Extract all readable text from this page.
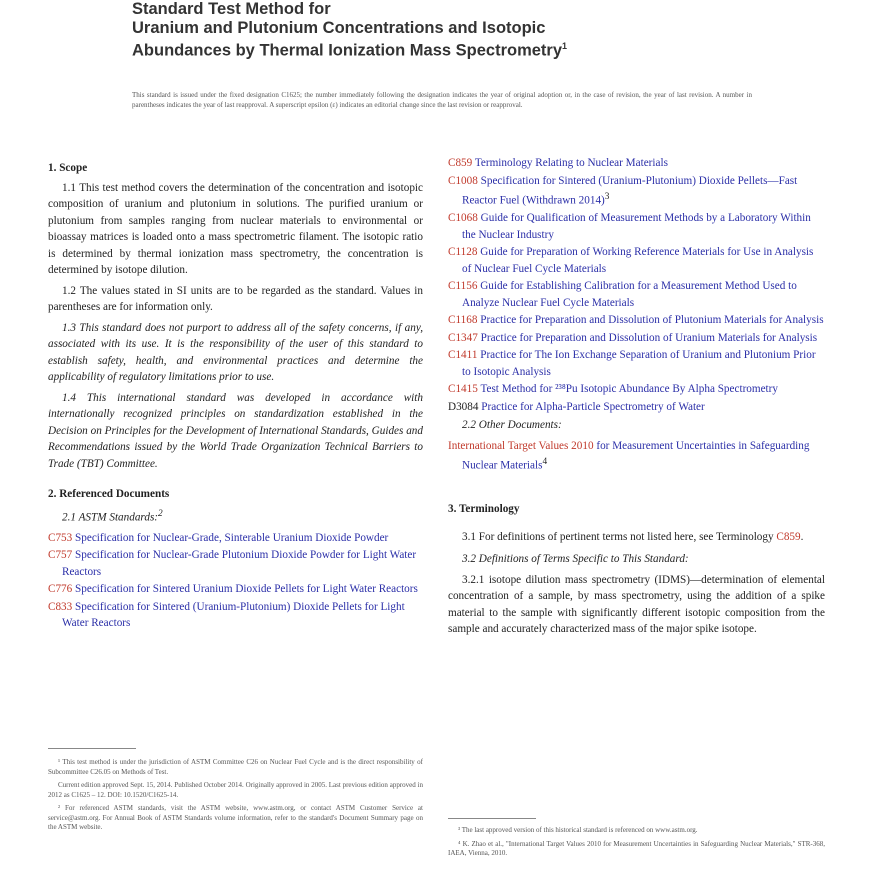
Standard Test Method for
Uranium and Plutonium Concentrations and Isotopic
Abundances by Thermal Ionization Mass Spectrometry$^1$
This standard is issued under the fixed designation C1625; the number immediately following the designation indicates the year of original adoption or, in the case of revision, the year of last revision. A number in parentheses indicates the year of last reapproval. A superscript epsilon (ε) indicates an editorial change since the last revision or reapproval.
1. Scope
1.1 This test method covers the determination of the concentration and isotopic composition of uranium and plutonium in solutions. The purified uranium or plutonium from samples ranging from nuclear materials to environmental or bioassay matrices is loaded onto a mass spectrometric filament. The isotopic ratio is determined by thermal ionization mass spectrometry, the concentration is determined by isotope dilution.
1.2 The values stated in SI units are to be regarded as the standard. Values in parentheses are for information only.
1.3 This standard does not purport to address all of the safety concerns, if any, associated with its use. It is the responsibility of the user of this standard to establish safety, health, and environmental practices and determine the applicability of regulatory limitations prior to use.
1.4 This international standard was developed in accordance with internationally recognized principles on standardization established in the Decision on Principles for the Development of International Standards, Guides and Recommendations issued by the World Trade Organization Technical Barriers to Trade (TBT) Committee.
2. Referenced Documents
2.1 ASTM Standards:$^2$
C753 Specification for Nuclear-Grade, Sinterable Uranium Dioxide Powder
C757 Specification for Nuclear-Grade Plutonium Dioxide Powder for Light Water Reactors
C776 Specification for Sintered Uranium Dioxide Pellets for Light Water Reactors
C833 Specification for Sintered (Uranium-Plutonium) Dioxide Pellets for Light Water Reactors

¹ This test method is under the jurisdiction of ASTM Committee C26 on Nuclear Fuel Cycle and is the direct responsibility of Subcommittee C26.05 on Methods of Test.

Current edition approved Sept. 15, 2014. Published October 2014. Originally approved in 2005. Last previous edition approved in 2012 as C1625 – 12. DOI: 10.1520/C1625-14.

² For referenced ASTM standards, visit the ASTM website, www.astm.org, or contact ASTM Customer Service at service@astm.org. For Annual Book of ASTM Standards volume information, refer to the standard's Document Summary page on the ASTM website.

C859 Terminology Relating to Nuclear Materials
C1008 Specification for Sintered (Uranium-Plutonium) Dioxide Pellets—Fast Reactor Fuel (Withdrawn 2014)$^3$
C1068 Guide for Qualification of Measurement Methods by a Laboratory Within the Nuclear Industry
C1128 Guide for Preparation of Working Reference Materials for Use in Analysis of Nuclear Fuel Cycle Materials
C1156 Guide for Establishing Calibration for a Measurement Method Used to Analyze Nuclear Fuel Cycle Materials
C1168 Practice for Preparation and Dissolution of Plutonium Materials for Analysis
C1347 Practice for Preparation and Dissolution of Uranium Materials for Analysis
C1411 Practice for The Ion Exchange Separation of Uranium and Plutonium Prior to Isotopic Analysis
C1415 Test Method for ²³⁸Pu Isotopic Abundance By Alpha Spectrometry
D3084 Practice for Alpha-Particle Spectrometry of Water
2.2 Other Documents:
International Target Values 2010 for Measurement Uncertainties in Safeguarding Nuclear Materials$^4$
3. Terminology
3.1 For definitions of pertinent terms not listed here, see Terminology C859.
3.2 Definitions of Terms Specific to This Standard:
3.2.1 isotope dilution mass spectrometry (IDMS)—determination of elemental concentration of a sample, by mass spectrometry, using the addition of a spike material to the sample with significantly different isotopic composition from the sample and accurately characterized mass of the major spike isotope.

³ The last approved version of this historical standard is referenced on www.astm.org.

⁴ K. Zhao et al., "International Target Values 2010 for Measurement Uncertainties in Safeguarding Nuclear Materials," STR-368, IAEA, Vienna, 2010.
